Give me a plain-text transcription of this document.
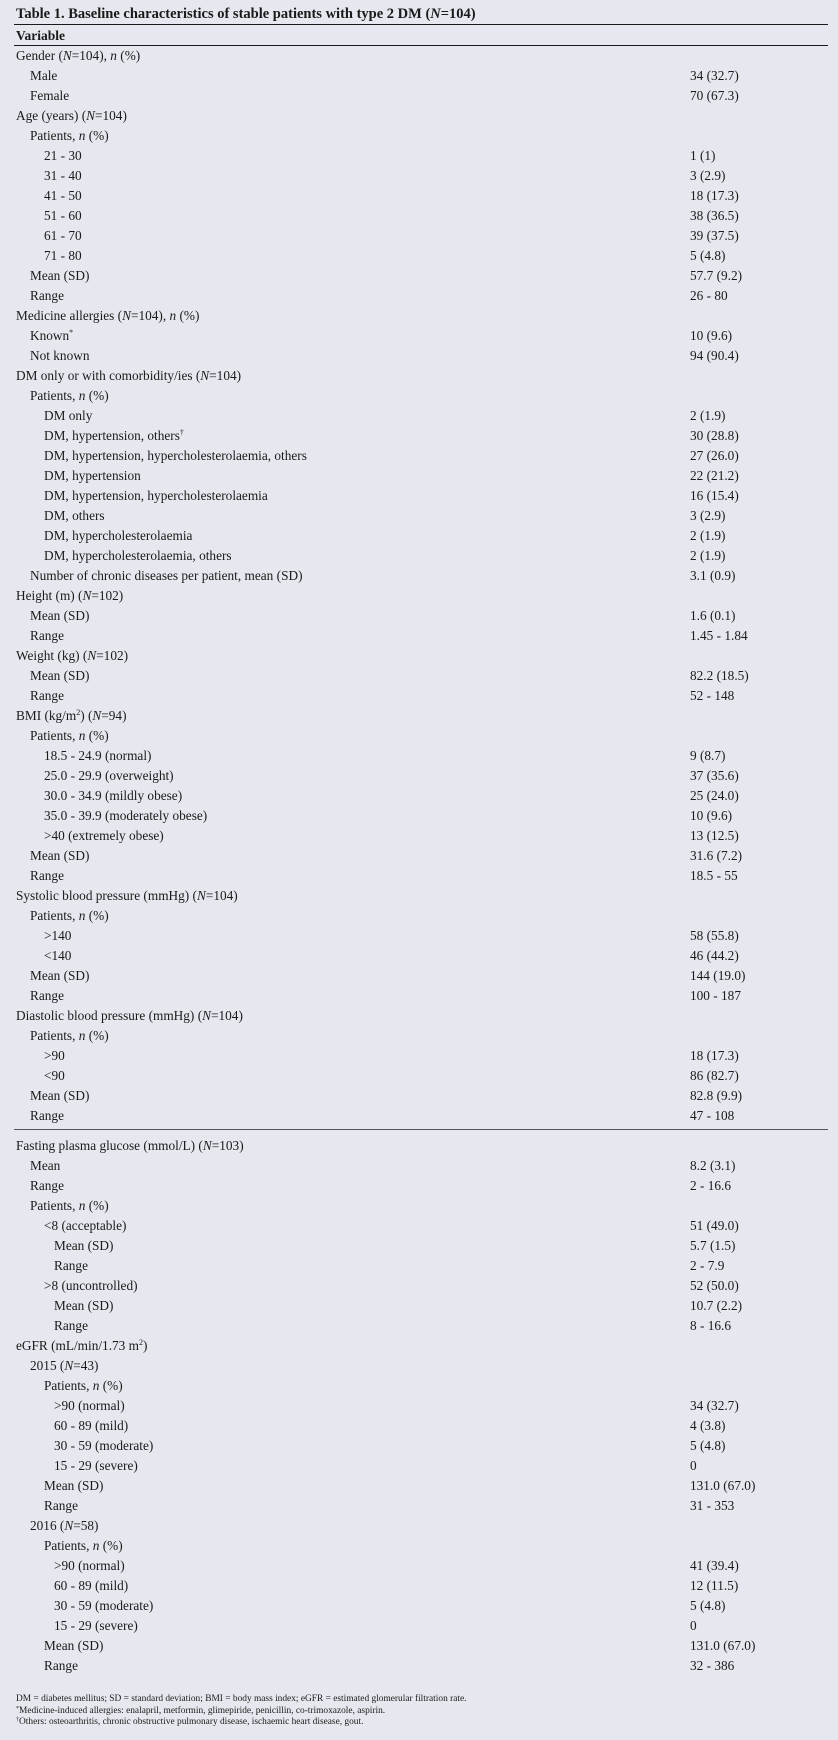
Table 1. Baseline characteristics of stable patients with type 2 DM (N=104)
Variable
Gender (N=104), n (%)
Male	34 (32.7)
Female	70 (67.3)
Age (years) (N=104)
Patients, n (%)
21 - 30	1 (1)
31 - 40	3 (2.9)
41 - 50	18 (17.3)
51 - 60	38 (36.5)
61 - 70	39 (37.5)
71 - 80	5 (4.8)
Mean (SD)	57.7 (9.2)
Range	26 - 80
Medicine allergies (N=104), n (%)
Known*	10 (9.6)
Not known	94 (90.4)
DM only or with comorbidity/ies (N=104)
Patients, n (%)
DM only	2 (1.9)
DM, hypertension, others†	30 (28.8)
DM, hypertension, hypercholesterolaemia, others	27 (26.0)
DM, hypertension	22 (21.2)
DM, hypertension, hypercholesterolaemia	16 (15.4)
DM, others	3 (2.9)
DM, hypercholesterolaemia	2 (1.9)
DM, hypercholesterolaemia, others	2 (1.9)
Number of chronic diseases per patient, mean (SD)	3.1 (0.9)
Height (m) (N=102)
Mean (SD)	1.6 (0.1)
Range	1.45 - 1.84
Weight (kg) (N=102)
Mean (SD)	82.2 (18.5)
Range	52 - 148
BMI $(kg/m^2)$ (N=94)
Patients, n (%)
18.5 - 24.9 (normal)	9 (8.7)
25.0 - 29.9 (overweight)	37 (35.6)
30.0 - 34.9 (mildly obese)	25 (24.0)
35.0 - 39.9 (moderately obese)	10 (9.6)
>40 (extremely obese)	13 (12.5)
Mean (SD)	31.6 (7.2)
Range	18.5 - 55
Systolic blood pressure (mmHg) (N=104)
Patients, n (%)
>140	58 (55.8)
<140	46 (44.2)
Mean (SD)	144 (19.0)
Range	100 - 187
Diastolic blood pressure (mmHg) (N=104)
Patients, n (%)
>90	18 (17.3)
<90	86 (82.7)
Mean (SD)	82.8 (9.9)
Range	47 - 108
Fasting plasma glucose (mmol/L) (N=103)
Mean	8.2 (3.1)
Range	2 - 16.6
Patients, n (%)
<8 (acceptable)	51 (49.0)
Mean (SD)	5.7 (1.5)
Range	2 - 7.9
>8 (uncontrolled)	52 (50.0)
Mean (SD)	10.7 (2.2)
Range	8 - 16.6
eGFR (mL/min/1.73 $m^2$)
2015 (N=43)
Patients, n (%)
>90 (normal)	34 (32.7)
60 - 89 (mild)	4 (3.8)
30 - 59 (moderate)	5 (4.8)
15 - 29 (severe)	0
Mean (SD)	131.0 (67.0)
Range	31 - 353
2016 (N=58)
Patients, n (%)
>90 (normal)	41 (39.4)
60 - 89 (mild)	12 (11.5)
30 - 59 (moderate)	5 (4.8)
15 - 29 (severe)	0
Mean (SD)	131.0 (67.0)
Range	32 - 386
DM = diabetes mellitus; SD = standard deviation; BMI = body mass index; eGFR = estimated glomerular filtration rate.
*Medicine-induced allergies: enalapril, metformin, glimepiride, penicillin, co-trimoxazole, aspirin.
†Others: osteoarthritis, chronic obstructive pulmonary disease, ischaemic heart disease, gout.
